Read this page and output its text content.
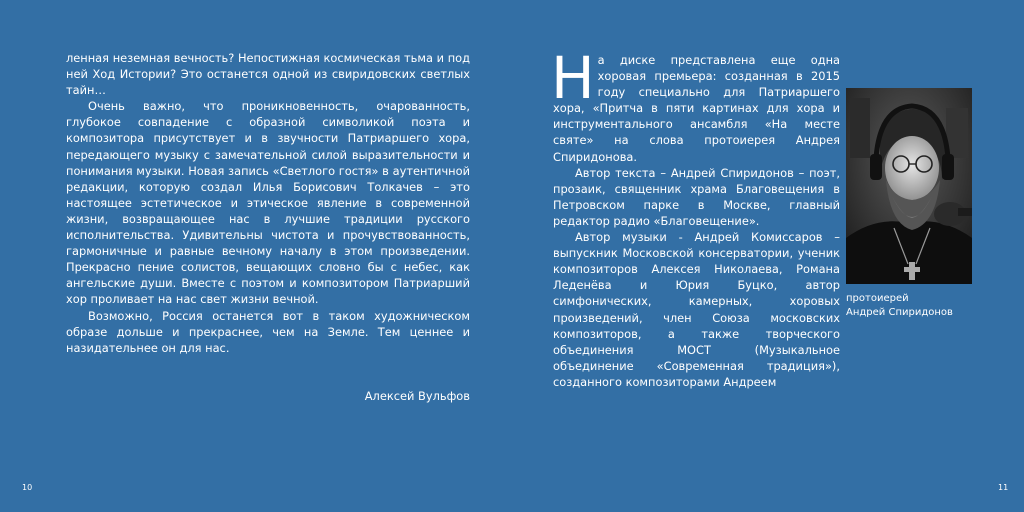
ленная неземная вечность? Непостижная космическая тьма и под ней Ход Истории? Это останется одной из свиридовских светлых тайн…

Очень важно, что проникновенность, очарованность, глубокое совпадение с образной символикой поэта и композитора присутствует и в звучности Патриаршего хора, передающего музыку с замечательной силой выразительности и понимания музыки. Новая запись «Светлого гостя» в аутентичной редакции, которую создал Илья Борисович Толкачев – это настоящее эстетическое и этическое явление в современной жизни, возвращающее нас в лучшие традиции русского исполнительства. Удивительны чистота и прочувствованность, гармоничные и равные вечному началу в этом произведении. Прекрасно пение солистов, вещающих словно бы с небес, как ангельские души. Вместе с поэтом и композитором Патриарший хор проливает на нас свет жизни вечной.

Возможно, Россия останется вот в таком художническом образе дольше и прекраснее, чем на Земле. Тем ценнее и назидательнее он для нас.

Алексей Вульфов
10

На диске представлена еще одна хоровая премьера: созданная в 2015 году специально для Патриаршего хора, «Притча в пяти картинах для хора и инструментального ансамбля «На месте святе» на слова протоиерея Андрея Спиридонова.

Автор текста – Андрей Спиридонов – поэт, прозаик, священник храма Благовещения в Петровском парке в Москве, главный редактор радио «Благовещение».

Автор музыки - Андрей Комиссаров – выпускник Московской консерватории, ученик композиторов Алексея Николаева, Романа Леденёва и Юрия Буцко, автор симфонических, камерных, хоровых произведений, член Союза московских композиторов, а также творческого объединения МОСТ (Музыкальное объединение «Современная традиция»), созданного композиторами Андреем

протоиерей
Андрей Спиридонов
11
